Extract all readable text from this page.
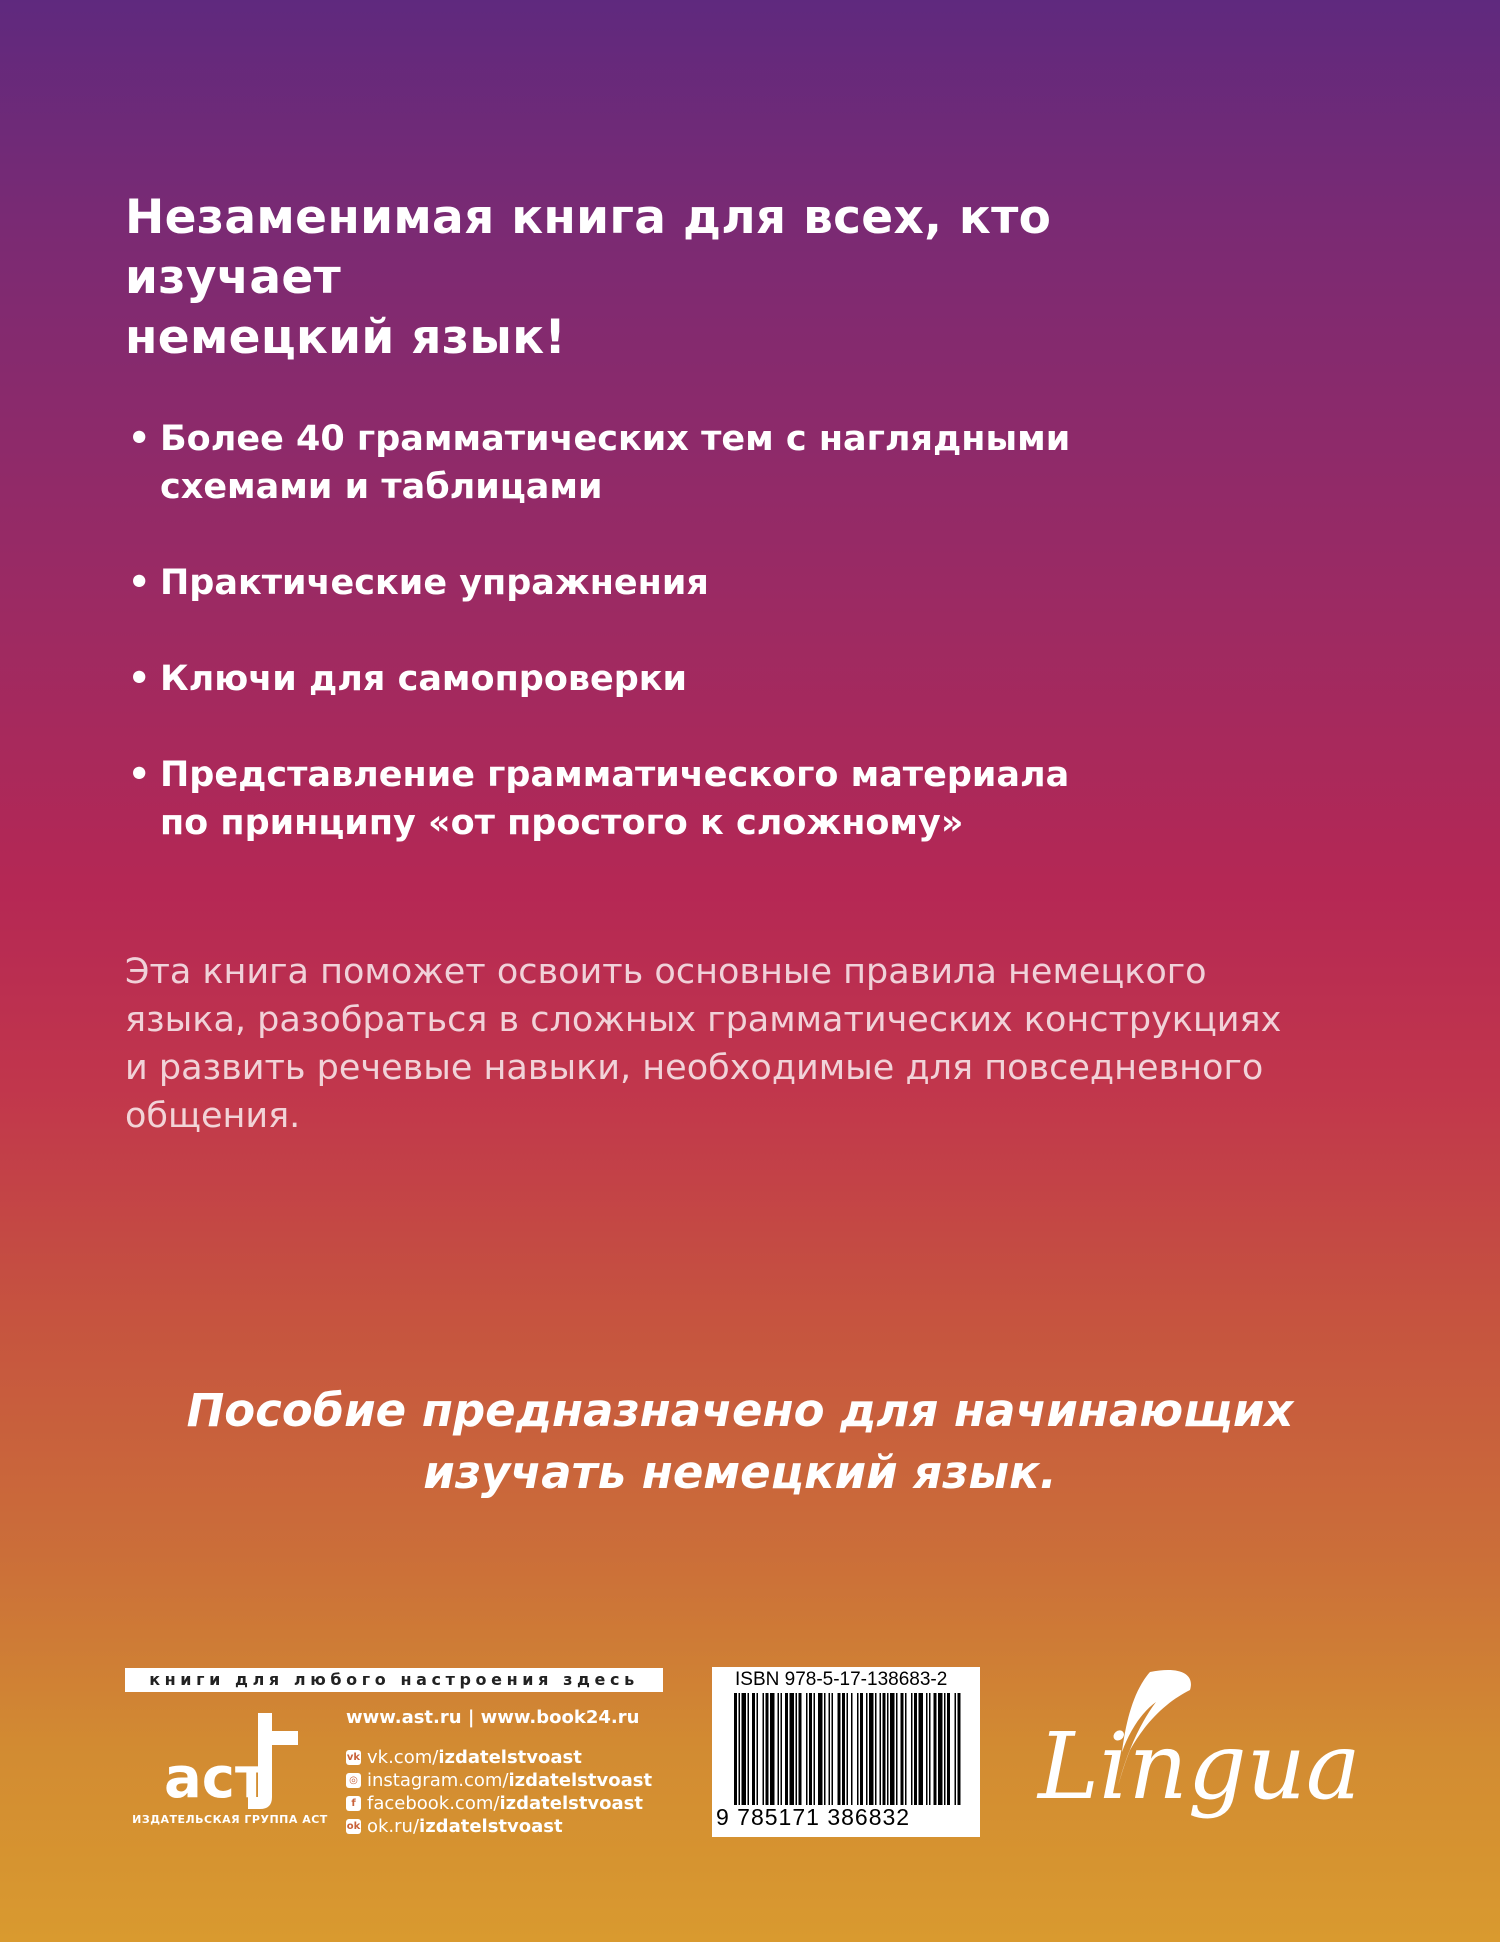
Незаменимая книга для всех, кто изучает
немецкий язык!
• Более 40 грамматических тем с наглядными
схемами и таблицами
• Практические упражнения
• Ключи для самопроверки
• Представление грамматического материала
по принципу «от простого к сложному»
Эта книга поможет освоить основные правила немецкого
языка, разобраться в сложных грамматических конструкциях
и развить речевые навыки, необходимые для повседневного
общения.
Пособие предназначено для начинающих
изучать немецкий язык.
книги для любого настроения здесь
аст
ИЗДАТЕЛЬСКАЯ ГРУППА АСТ
www.ast.ru | www.book24.ru
vk vk.com/ izdatelstvoast
◎ instagram.com/ izdatelstvoast
f facebook.com/ izdatelstvoast
ok ok.ru/ izdatelstvoast
ISBN 978-5-17-138683-2
9 785171 386832	Lingua
